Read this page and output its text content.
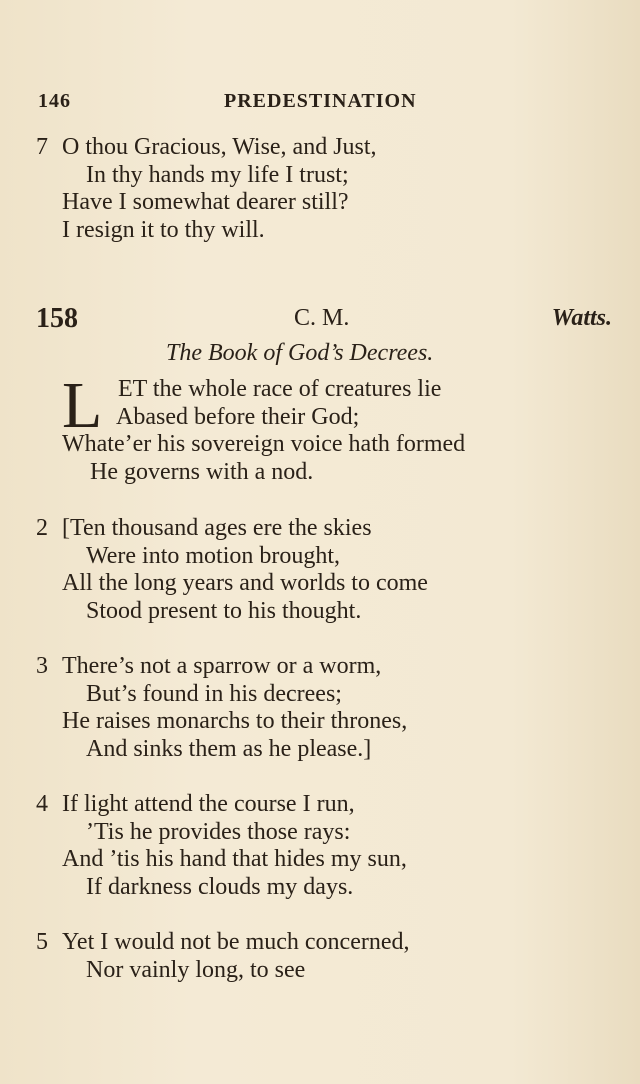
146	PREDESTINATION
7 O thou Gracious, Wise, and Just,
In thy hands my life I trust;
Have I somewhat dearer still?
I resign it to thy will.
158	C. M.	Watts.
The Book of God’s Decrees.
L ET the whole race of creatures lie
Abased before their God;
Whate’er his sovereign voice hath formed
He governs with a nod.
2 [Ten thousand ages ere the skies
Were into motion brought,
All the long years and worlds to come
Stood present to his thought.
3 There’s not a sparrow or a worm,
But’s found in his decrees;
He raises monarchs to their thrones,
And sinks them as he please.]
4 If light attend the course I run,
’Tis he provides those rays:
And ’tis his hand that hides my sun,
If darkness clouds my days.
5 Yet I would not be much concerned,
Nor vainly long, to see
